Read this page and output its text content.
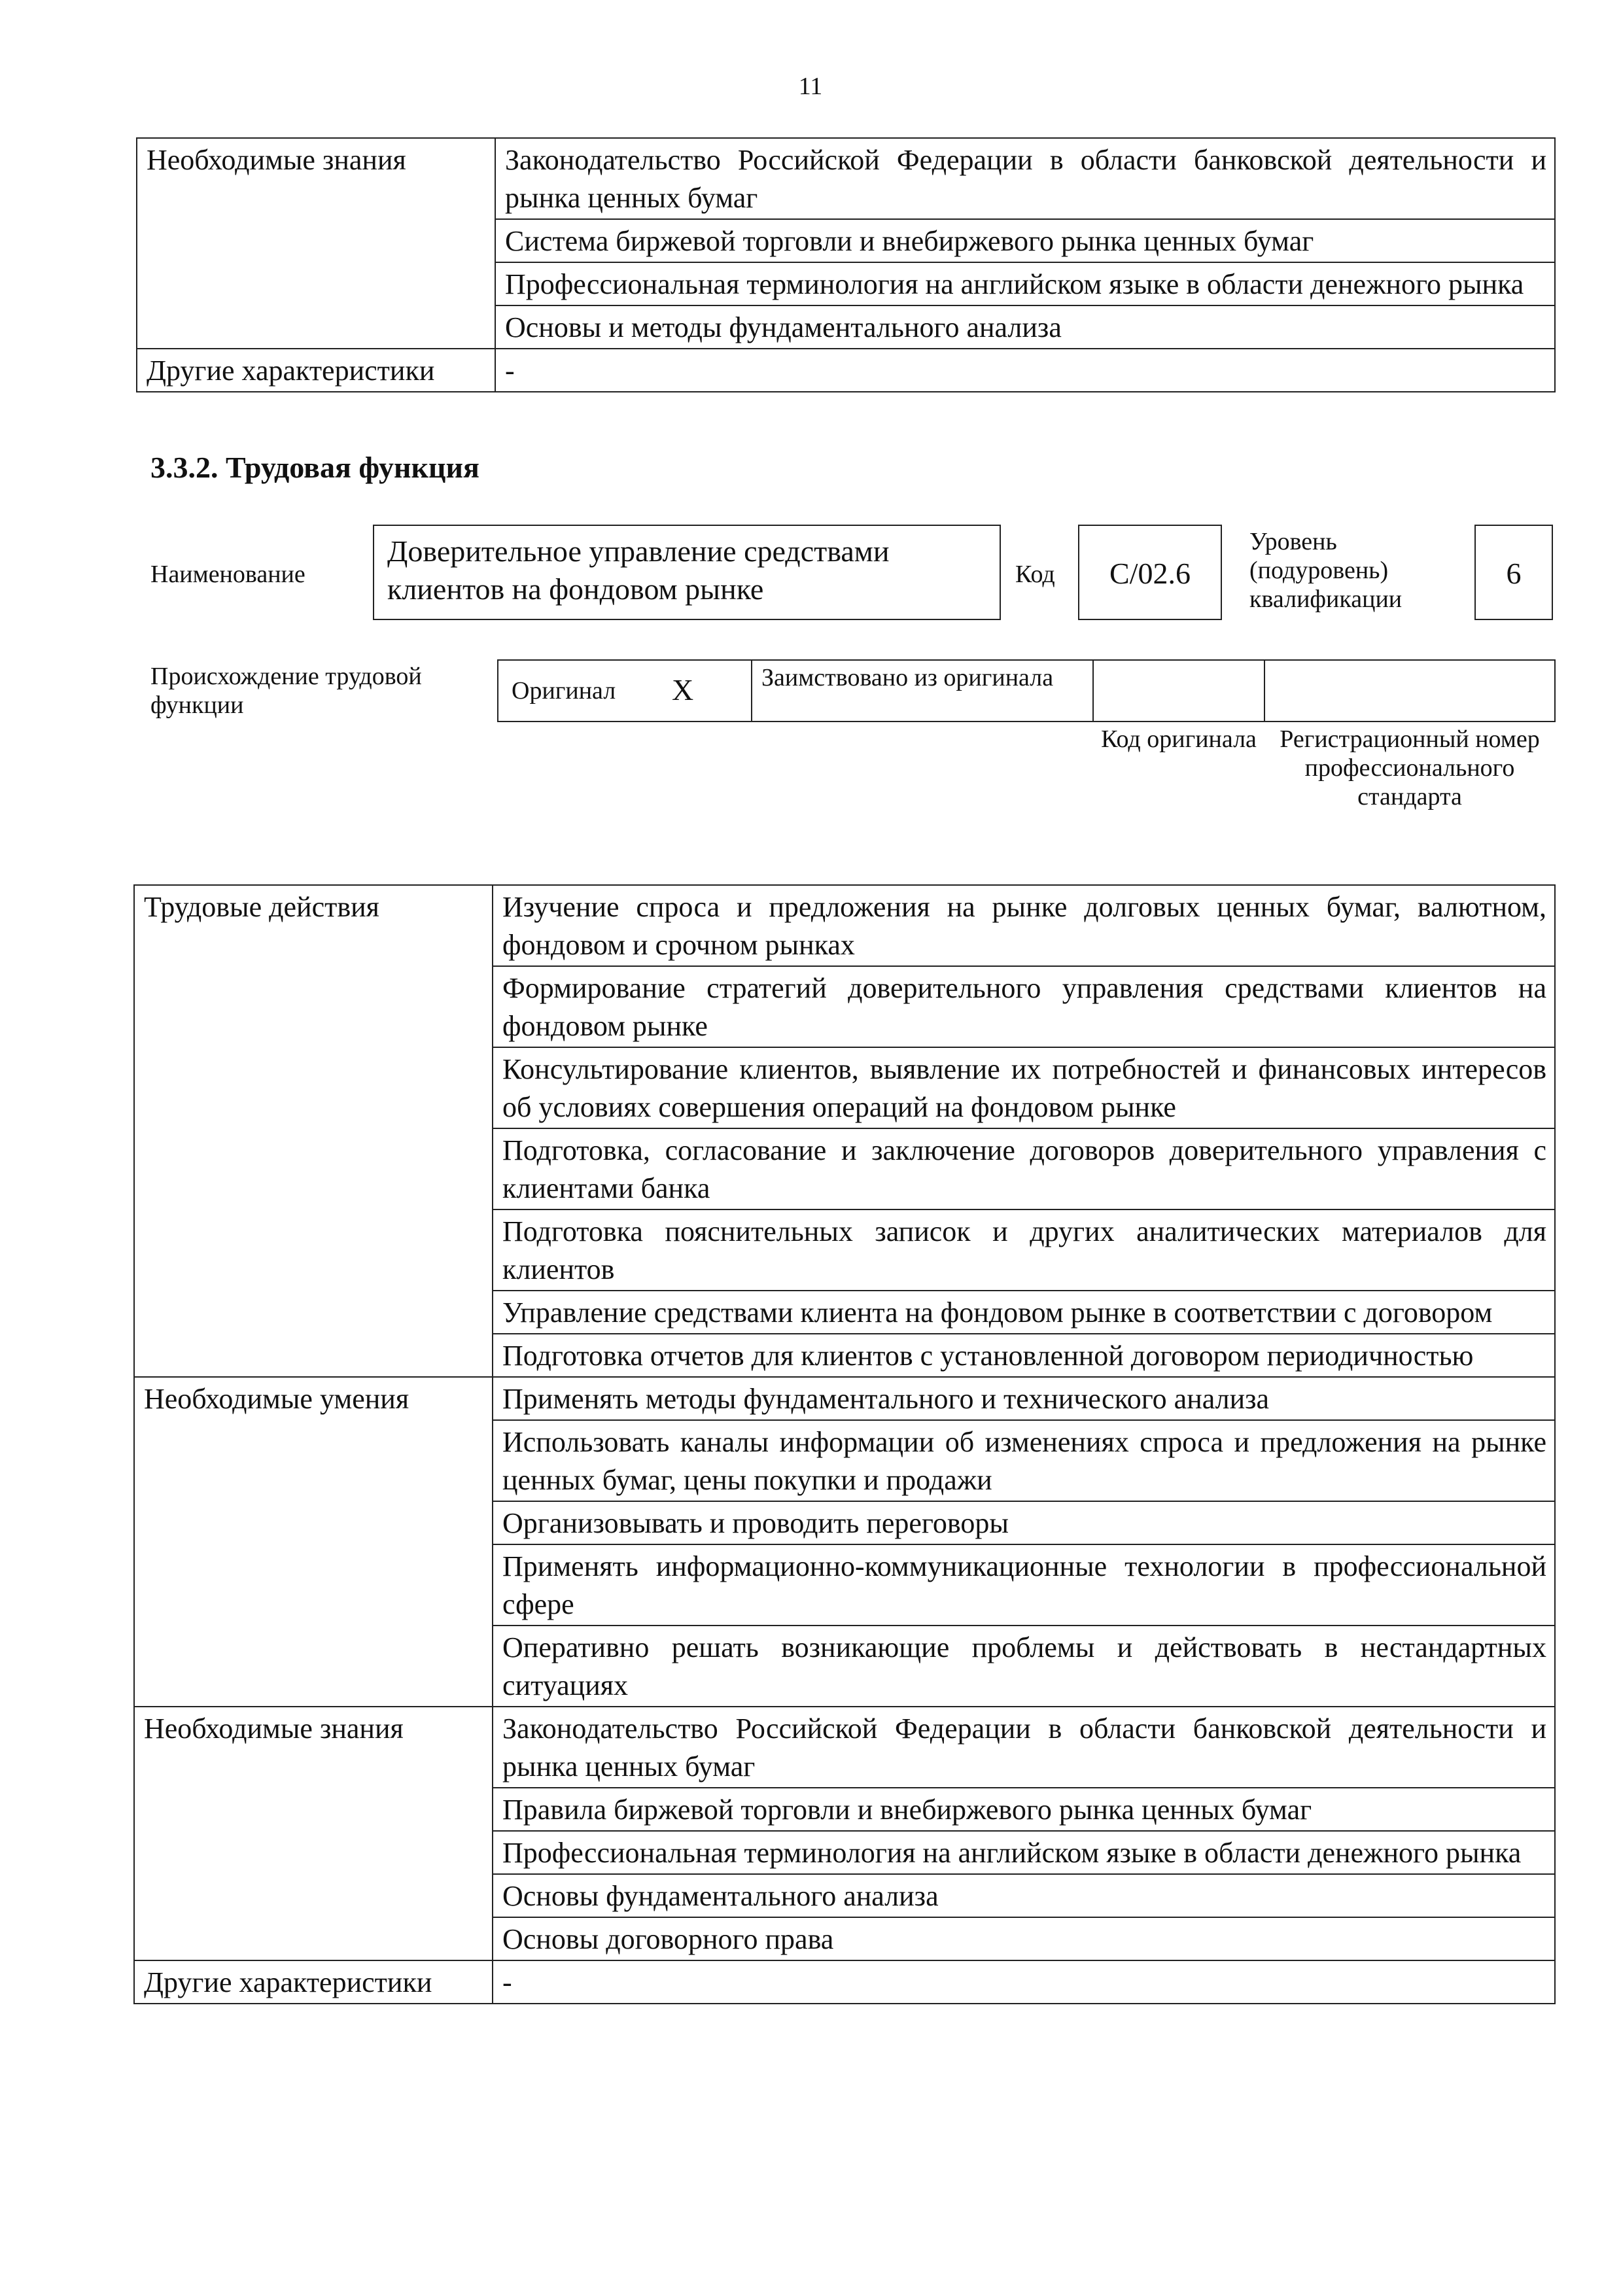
11
Необходимые знания	Законодательство Российской Федерации в области банковской деятельности и рынка ценных бумаг
	Система биржевой торговли и внебиржевого рынка ценных бумаг
	Профессиональная терминология на английском языке в области денежного рынка
	Основы и методы фундаментального анализа
Другие характеристики	-
3.3.2. Трудовая функция
Наименование
Доверительное управление средствами клиентов на фондовом рынке	Код	C/02.6
Уровень (подуровень) квалификации
6
Происхождение трудовой функции
Оригинал X	Заимствовано из оригинала
Код оригинала Регистрационный номер профессионального стандарта
Трудовые действия	Изучение спроса и предложения на рынке долговых ценных бумаг, валютном, фондовом и срочном рынках
	Формирование стратегий доверительного управления средствами клиентов на фондовом рынке
	Консультирование клиентов, выявление их потребностей и финансовых интересов об условиях совершения операций на фондовом рынке
	Подготовка, согласование и заключение договоров доверительного управления с клиентами банка
	Подготовка пояснительных записок и других аналитических материалов для клиентов
	Управление средствами клиента на фондовом рынке в соответствии с договором
	Подготовка отчетов для клиентов с установленной договором периодичностью
Необходимые умения	Применять методы фундаментального и технического анализа
	Использовать каналы информации об изменениях спроса и предложения на рынке ценных бумаг, цены покупки и продажи
	Организовывать и проводить переговоры
	Применять информационно-коммуникационные технологии в профессиональной сфере
	Оперативно решать возникающие проблемы и действовать в нестандартных ситуациях
Необходимые знания	Законодательство Российской Федерации в области банковской деятельности и рынка ценных бумаг
	Правила биржевой торговли и внебиржевого рынка ценных бумаг
	Профессиональная терминология на английском языке в области денежного рынка
	Основы фундаментального анализа
	Основы договорного права
Другие характеристики	-
